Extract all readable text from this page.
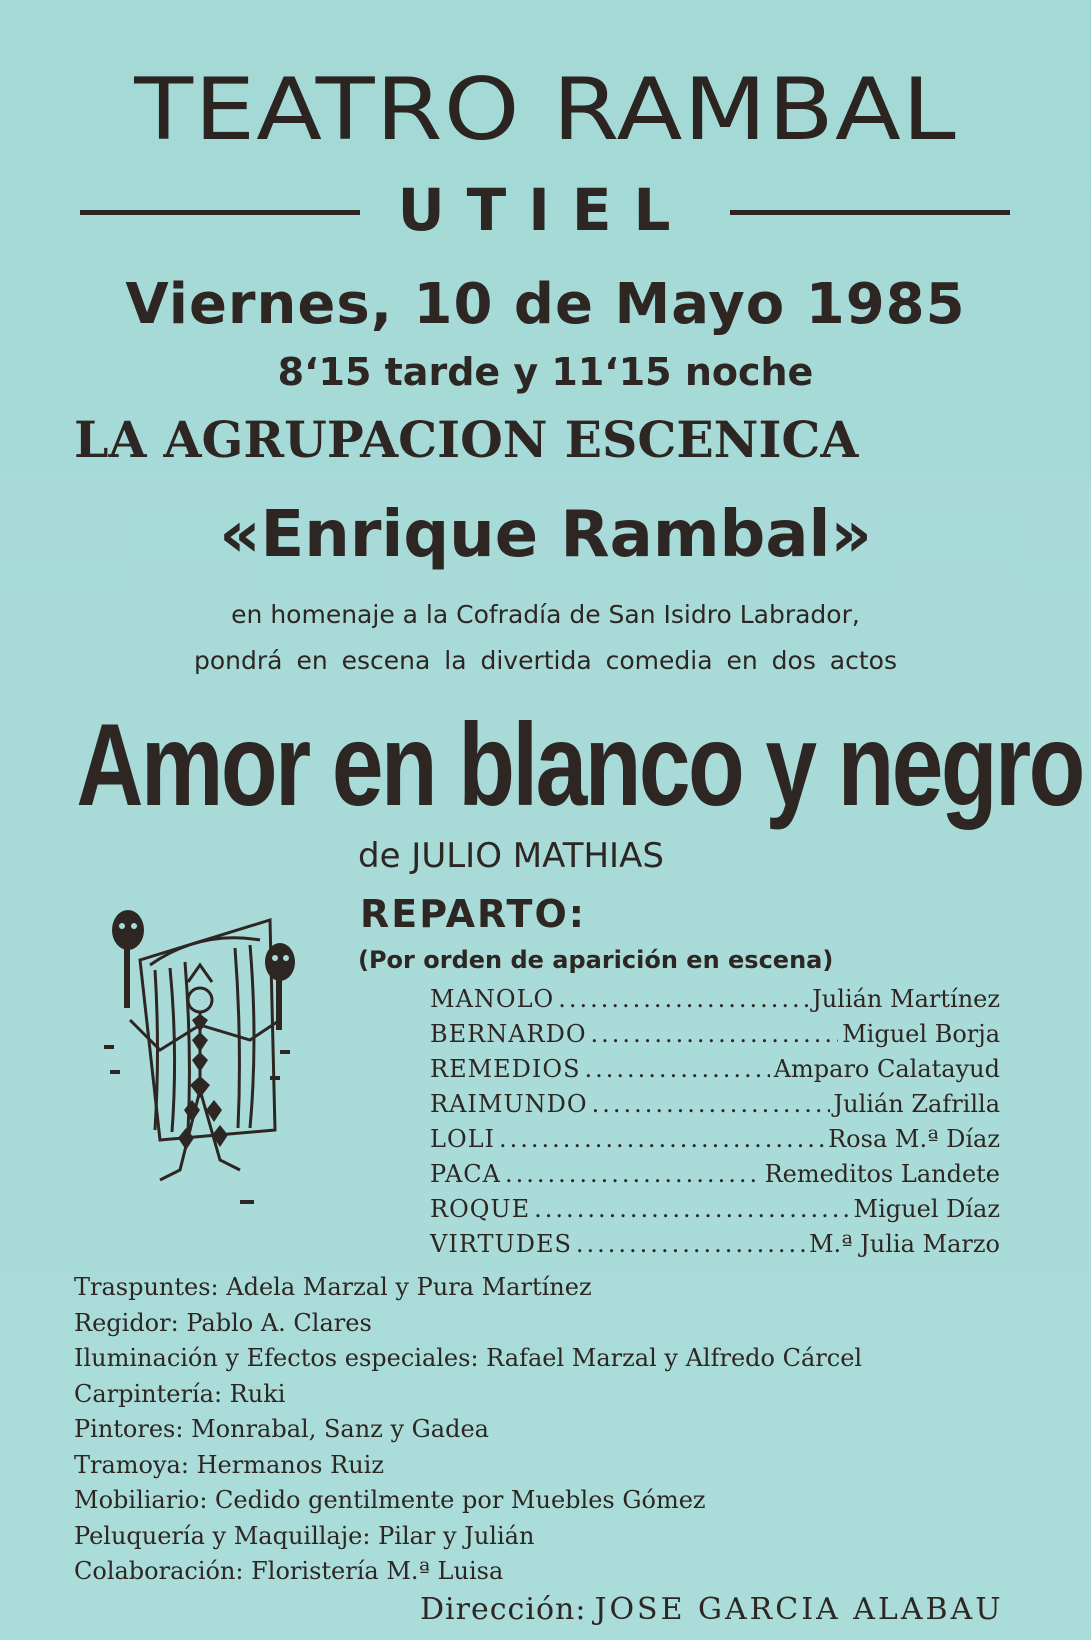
TEATRO RAMBAL
UTIEL
Viernes, 10 de Mayo 1985
8‘15 tarde y 11‘15 noche
LA AGRUPACION ESCENICA
«Enrique Rambal»
en homenaje a la Cofradía de San Isidro Labrador,
pondrá en escena la divertida comedia en dos actos
Amor en blanco y negro
de JULIO MATHIAS
REPARTO:
(Por orden de aparición en escena)
MANOLO .....	Julián Martínez
BERNARDO .....	Miguel Borja
REMEDIOS .....	Amparo Calatayud
RAIMUNDO .....	Julián Zafrilla
LOLI .....	Rosa M.ª Díaz
PACA .....	Remeditos Landete
ROQUE .....	Miguel Díaz
VIRTUDES .....	M.ª Julia Marzo
Traspuntes: Adela Marzal y Pura Martínez
Regidor: Pablo A. Clares
Iluminación y Efectos especiales: Rafael Marzal y Alfredo Cárcel
Carpintería: Ruki
Pintores: Monrabal, Sanz y Gadea
Tramoya: Hermanos Ruiz
Mobiliario: Cedido gentilmente por Muebles Gómez
Peluquería y Maquillaje: Pilar y Julián
Colaboración: Floristería M.ª Luisa
Dirección: JOSE GARCIA ALABAU
